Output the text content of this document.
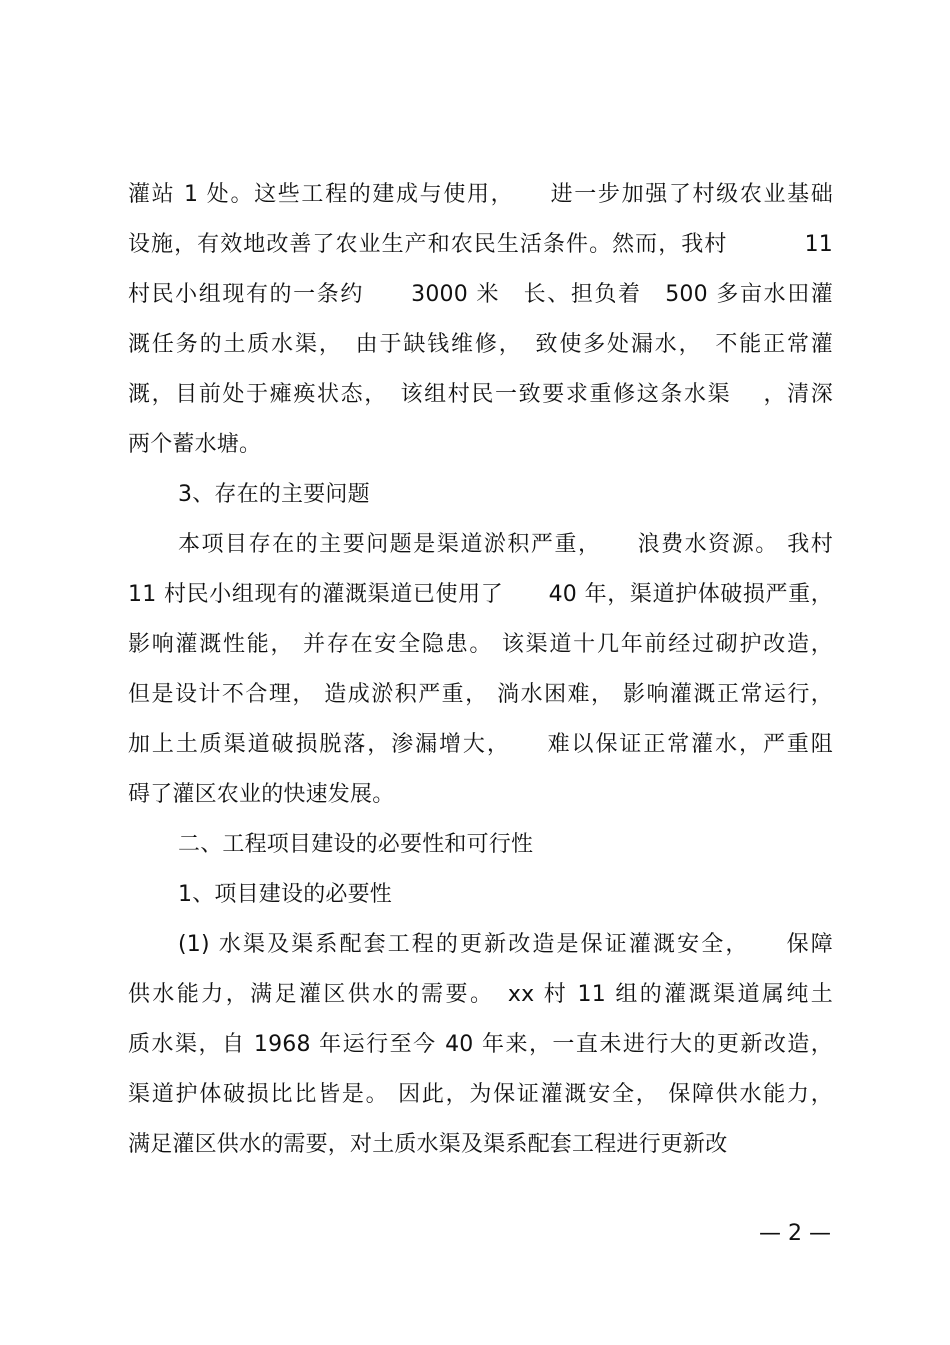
灌站 1 处。这些工程的建成与使用，　　进一步加强了村级农业基础
设施，有效地改善了农业生产和农民生活条件。然而，我村　　　 11
村民小组现有的一条约　　3000 米　长、担负着　500 多亩水田灌
溉任务的土质水渠，　由于缺钱维修，　致使多处漏水，　不能正常灌
溉，目前处于瘫痪状态，　该组村民一致要求重修这条水渠　 ，清深
两个蓄水塘。
3、存在的主要问题
本项目存在的主要问题是渠道淤积严重，　　浪费水资源。 我村
11 村民小组现有的灌溉渠道已使用了　　40 年，渠道护体破损严重，
影响灌溉性能， 并存在安全隐患。 该渠道十几年前经过砌护改造，
但是设计不合理， 造成淤积严重， 淌水困难， 影响灌溉正常运行，
加上土质渠道破损脱落，渗漏增大，　　难以保证正常灌水，严重阻
碍了灌区农业的快速发展。
二、工程项目建设的必要性和可行性
1、项目建设的必要性
(1) 水渠及渠系配套工程的更新改造是保证灌溉安全，　　保障
供水能力，满足灌区供水的需要。　xx 村 11 组的灌溉渠道属纯土
质水渠，自 1968 年运行至今 40 年来，一直未进行大的更新改造，
渠道护体破损比比皆是。 因此，为保证灌溉安全， 保障供水能力，
满足灌区供水的需要，对土质水渠及渠系配套工程进行更新改
— 2 —
